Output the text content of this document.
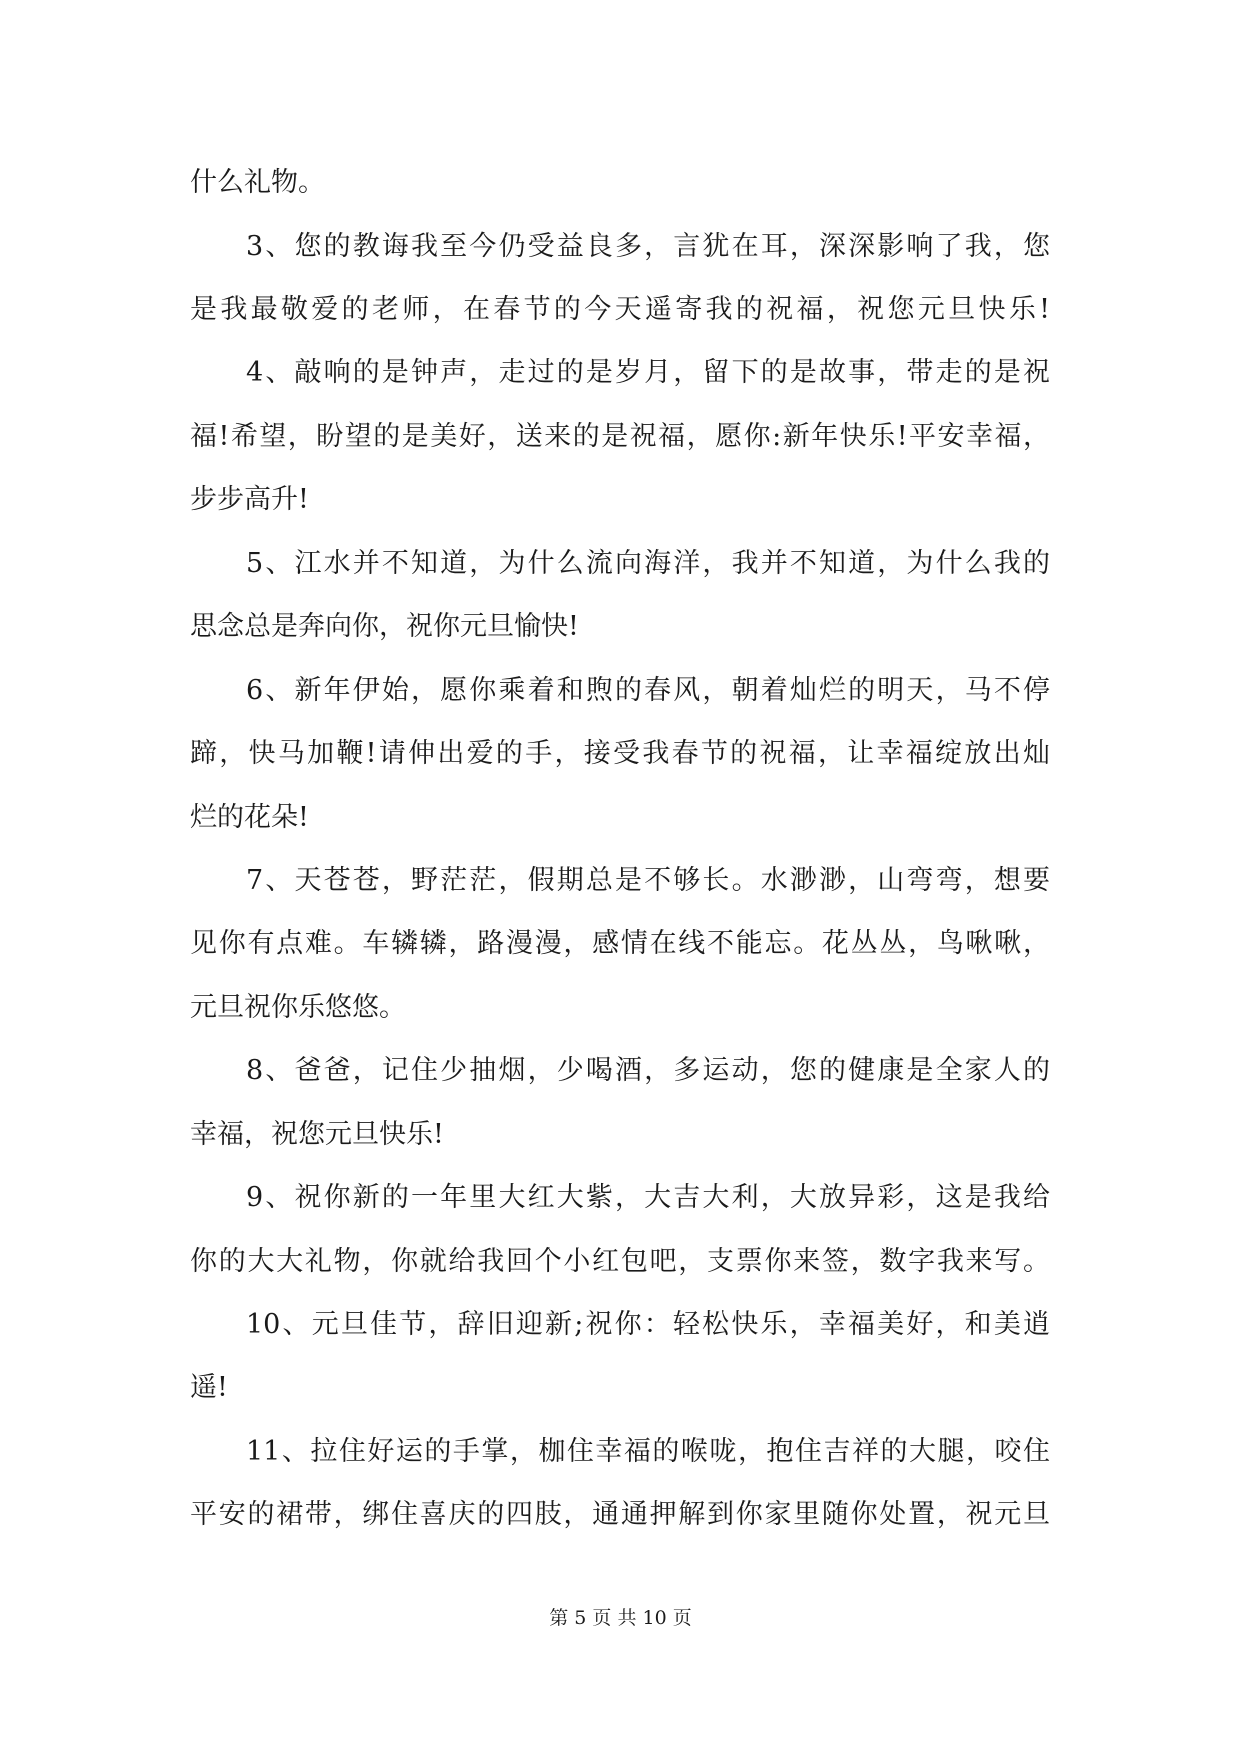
什么礼物。
3、您的教诲我至今仍受益良多，言犹在耳，深深影响了我，您
是我最敬爱的老师，在春节的今天遥寄我的祝福，祝您元旦快乐!
4、敲响的是钟声，走过的是岁月，留下的是故事，带走的是祝
福!希望，盼望的是美好，送来的是祝福，愿你:新年快乐!平安幸福，
步步高升!
5、江水并不知道，为什么流向海洋，我并不知道，为什么我的
思念总是奔向你，祝你元旦愉快!
6、新年伊始，愿你乘着和煦的春风，朝着灿烂的明天，马不停
蹄，快马加鞭!请伸出爱的手，接受我春节的祝福，让幸福绽放出灿
烂的花朵!
7、天苍苍，野茫茫，假期总是不够长。水渺渺，山弯弯，想要
见你有点难。车辚辚，路漫漫，感情在线不能忘。花丛丛，鸟啾啾，
元旦祝你乐悠悠。
8、爸爸，记住少抽烟，少喝酒，多运动，您的健康是全家人的
幸福，祝您元旦快乐!
9、祝你新的一年里大红大紫，大吉大利，大放异彩，这是我给
你的大大礼物，你就给我回个小红包吧，支票你来签，数字我来写。
10、元旦佳节，辞旧迎新;祝你：轻松快乐，幸福美好，和美逍
遥!
11、拉住好运的手掌，枷住幸福的喉咙，抱住吉祥的大腿，咬住
平安的裙带，绑住喜庆的四肢，通通押解到你家里随你处置，祝元旦
第 5 页 共 10 页
